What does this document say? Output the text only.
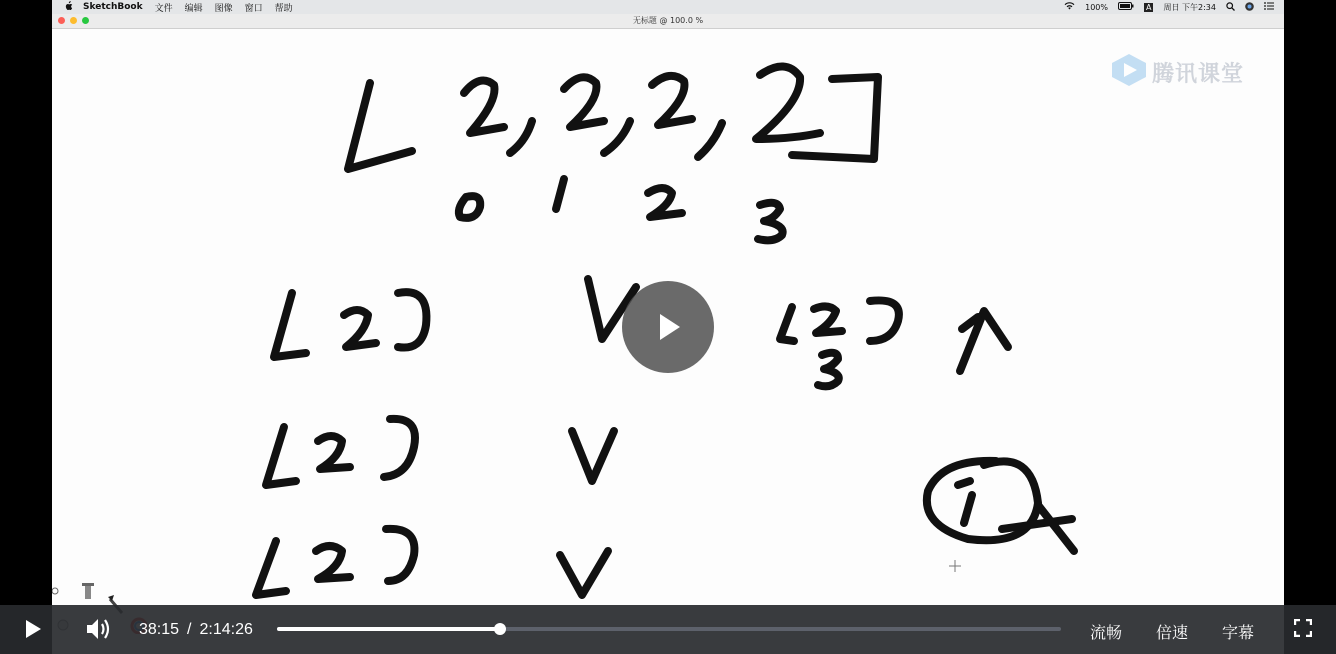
SketchBook 文件 编辑 图像 窗口 帮助	100%	A 周日 下午2:34
无标题 @ 100.0 %
腾讯课堂
38:15 / 2:14:26	流畅 倍速 字幕
